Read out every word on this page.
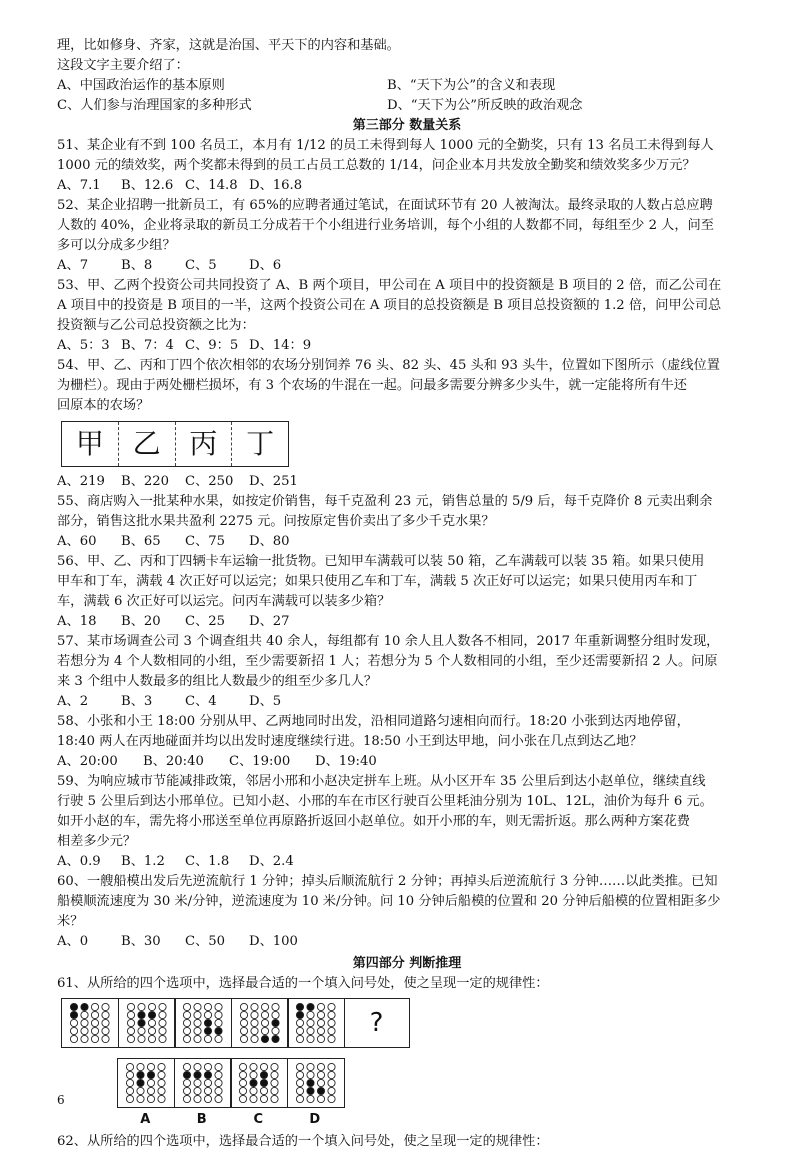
理，比如修身、齐家，这就是治国、平天下的内容和基础。
这段文字主要介绍了：
A、中国政治运作的基本原则	B、“天下为公”的含义和表现
C、人们参与治理国家的多种形式	D、“天下为公”所反映的政治观念
第三部分 数量关系
51、某企业有不到 100 名员工，本月有 1/12 的员工未得到每人 1000 元的全勤奖，只有 13 名员工未得到每人
1000 元的绩效奖，两个奖都未得到的员工占员工总数的 1/14，问企业本月共发放全勤奖和绩效奖多少万元？
A、7.1	B、12.6 C、14.8 D、16.8
52、某企业招聘一批新员工，有 65%的应聘者通过笔试，在面试环节有 20 人被淘汰。最终录取的人数占总应聘
人数的 40%，企业将录取的新员工分成若干个小组进行业务培训，每个小组的人数都不同，每组至少 2 人，问至
多可以分成多少组？
A、7	B、8	C、5	D、6
53、甲、乙两个投资公司共同投资了 A、B 两个项目，甲公司在 A 项目中的投资额是 B 项目的 2 倍，而乙公司在
A 项目中的投资是 B 项目的一半，这两个投资公司在 A 项目的总投资额是 B 项目总投资额的 1.2 倍，问甲公司总
投资额与乙公司总投资额之比为：
A、5：3 B、7：4 C、9：5 D、14：9
54、甲、乙、丙和丁四个依次相邻的农场分别饲养 76 头、82 头、45 头和 93 头牛，位置如下图所示（虚线位置
为栅栏）。现由于两处栅栏损坏，有 3 个农场的牛混在一起。问最多需要分辨多少头牛，就一定能将所有牛还
回原本的农场？
甲	乙	丙	丁
A、219	B、220	C、250	D、251
55、商店购入一批某种水果，如按定价销售，每千克盈利 23 元，销售总量的 5/9 后，每千克降价 8 元卖出剩余
部分，销售这批水果共盈利 2275 元。问按原定售价卖出了多少千克水果？
A、60	B、65	C、75	D、80
56、甲、乙、丙和丁四辆卡车运输一批货物。已知甲车满载可以装 50 箱，乙车满载可以装 35 箱。如果只使用
甲车和丁车，满载 4 次正好可以运完；如果只使用乙车和丁车，满载 5 次正好可以运完；如果只使用丙车和丁
车，满载 6 次正好可以运完。问丙车满载可以装多少箱？
A、18	B、20	C、25	D、27
57、某市场调查公司 3 个调查组共 40 余人，每组都有 10 余人且人数各不相同，2017 年重新调整分组时发现，
若想分为 4 个人数相同的小组，至少需要新招 1 人；若想分为 5 个人数相同的小组，至少还需要新招 2 人。问原
来 3 个组中人数最多的组比人数最少的组至少多几人？
A、2	B、3	C、4	D、5
58、小张和小王 18:00 分别从甲、乙两地同时出发，沿相同道路匀速相向而行。18:20 小张到达丙地停留，
18:40 两人在丙地碰面并均以出发时速度继续行进。18:50 小王到达甲地，问小张在几点到达乙地？
A、20:00	B、20:40	C、19:00	D、19:40
59、为响应城市节能减排政策，邻居小邢和小赵决定拼车上班。从小区开车 35 公里后到达小赵单位，继续直线
行驶 5 公里后到达小邢单位。已知小赵、小邢的车在市区行驶百公里耗油分别为 10L、12L，油价为每升 6 元。
如开小赵的车，需先将小邢送至单位再原路折返回小赵单位。如开小邢的车，则无需折返。那么两种方案花费
相差多少元？
A、0.9	B、1.2	C、1.8	D、2.4
60、一艘船模出发后先逆流航行 1 分钟；掉头后顺流航行 2 分钟；再掉头后逆流航行 3 分钟……以此类推。已知
船模顺流速度为 30 米/分钟，逆流速度为 10 米/分钟。问 10 分钟后船模的位置和 20 分钟后船模的位置相距多少
米？
A、0	B、30	C、50	D、100
第四部分 判断推理
61、从所给的四个选项中，选择最合适的一个填入问号处，使之呈现一定的规律性：
?
A	B	C	D
62、从所给的四个选项中，选择最合适的一个填入问号处，使之呈现一定的规律性：
6
